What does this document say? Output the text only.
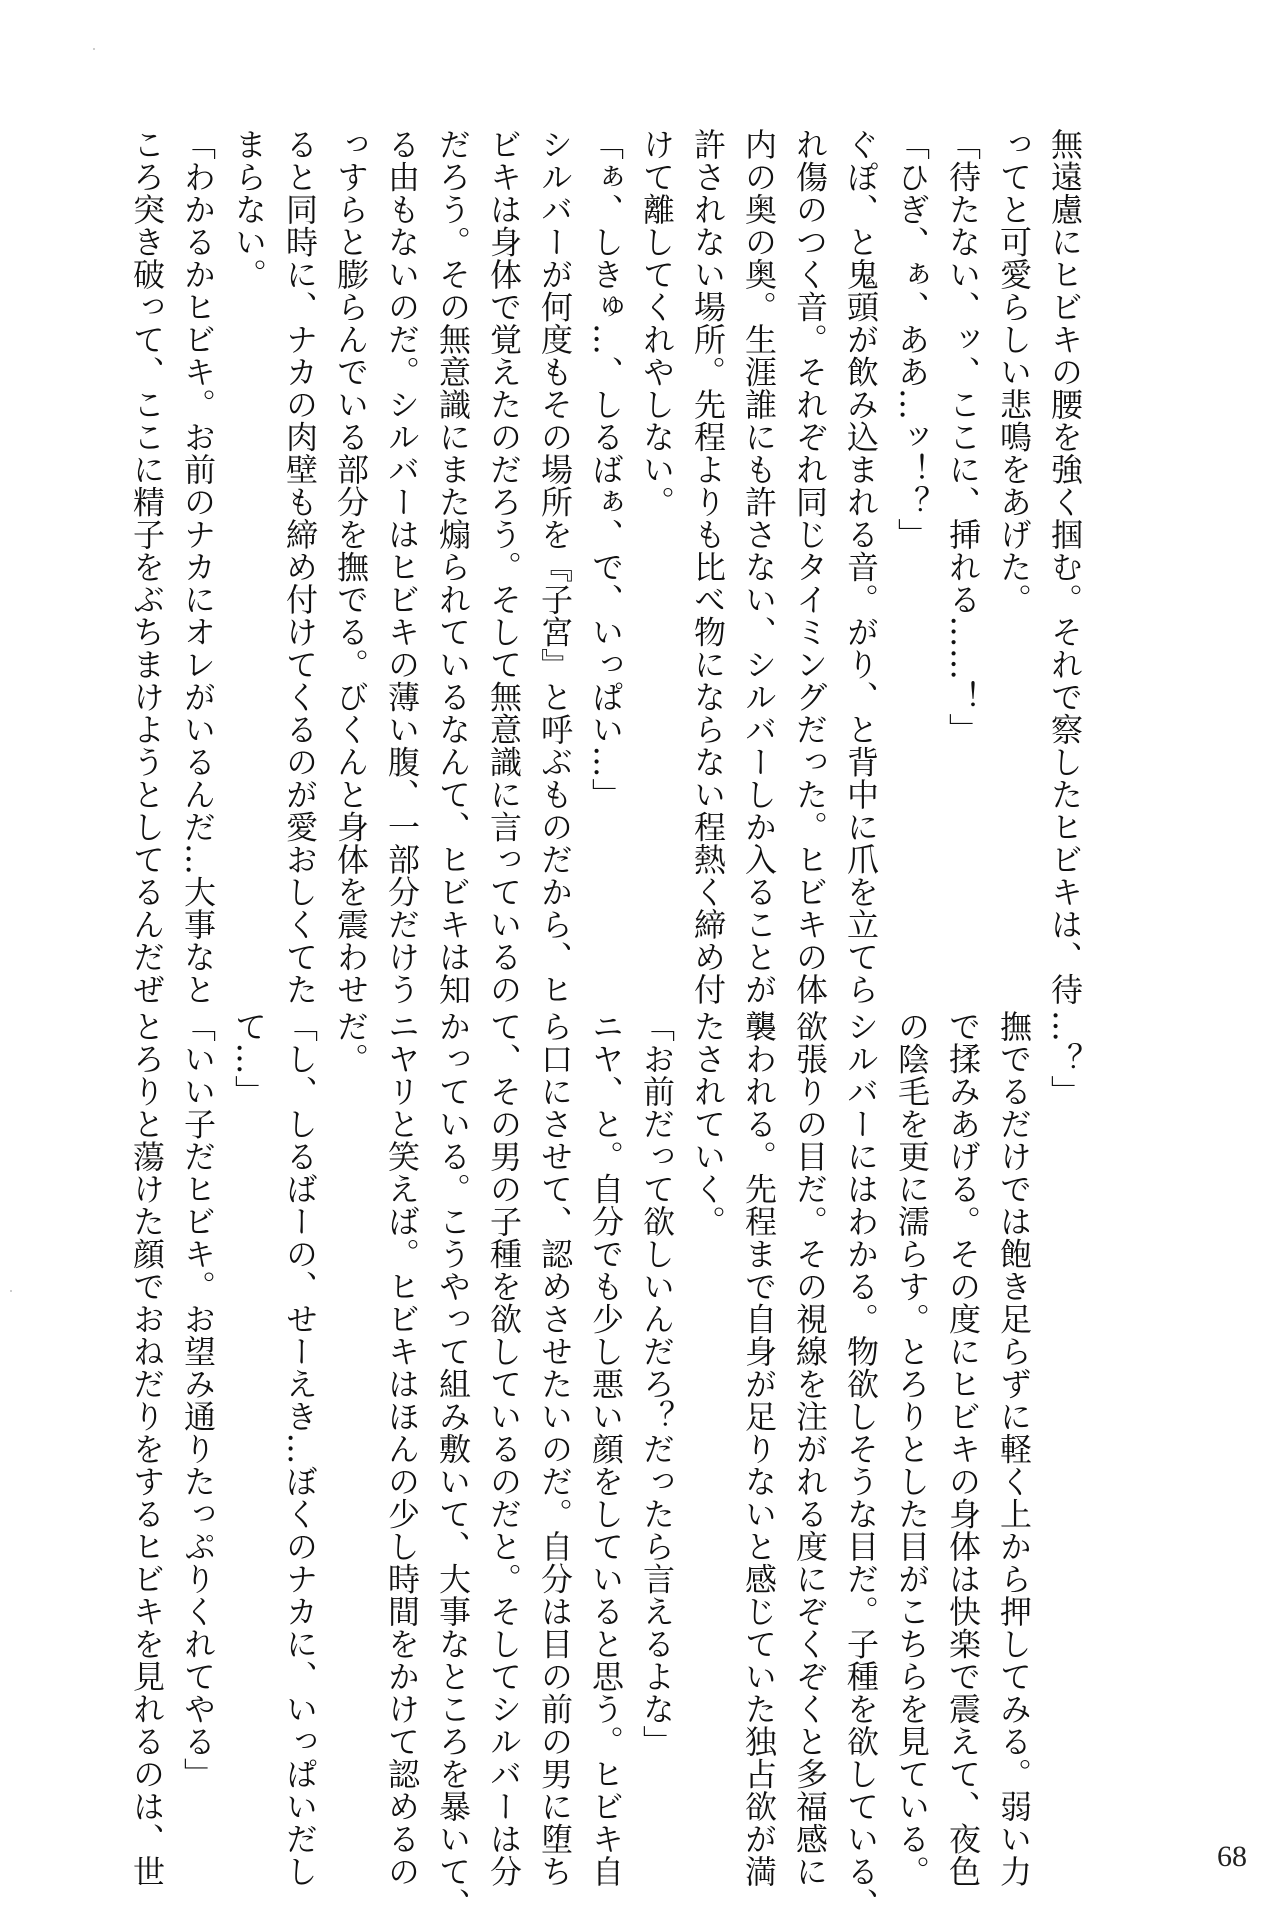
無遠慮にヒビキの腰を強く掴む。それで察したヒビキは、待
ってと可愛らしい悲鳴をあげた。
「待たない、ッ、ここに、挿れる……！」
「ひぎ、ぁ、ああ…ッ！？」
ぐぽ、と鬼頭が飲み込まれる音。がり、と背中に爪を立てら
れ傷のつく音。それぞれ同じタイミングだった。ヒビキの体
内の奥の奥。生涯誰にも許さない、シルバーしか入ることが
許されない場所。先程よりも比べ物にならない程熱く締め付
けて離してくれやしない。
「ぁ、しきゅ…、しるばぁ、で、いっぱい…」
シルバーが何度もその場所を『子宮』と呼ぶものだから、ヒ
ビキは身体で覚えたのだろう。そして無意識に言っているの
だろう。その無意識にまた煽られているなんて、ヒビキは知
る由もないのだ。シルバーはヒビキの薄い腹、一部分だけう
っすらと膨らんでいる部分を撫でる。びくんと身体を震わせ
ると同時に、ナカの肉壁も締め付けてくるのが愛おしくてた
まらない。
「わかるかヒビキ。お前のナカにオレがいるんだ…大事なと
ころ突き破って、ここに精子をぶちまけようとしてるんだぜ
…？」
撫でるだけでは飽き足らずに軽く上から押してみる。弱い力
で揉みあげる。その度にヒビキの身体は快楽で震えて、夜色
の陰毛を更に濡らす。とろりとした目がこちらを見ている。
シルバーにはわかる。物欲しそうな目だ。子種を欲している、
欲張りの目だ。その視線を注がれる度にぞくぞくと多福感に
襲われる。先程まで自身が足りないと感じていた独占欲が満
たされていく。
「お前だって欲しいんだろ？だったら言えるよな」
ニヤ、と。自分でも少し悪い顔をしていると思う。ヒビキ自
ら口にさせて、認めさせたいのだ。自分は目の前の男に堕ち
て、その男の子種を欲しているのだと。そしてシルバーは分
かっている。こうやって組み敷いて、大事なところを暴いて、
ニヤリと笑えば。ヒビキはほんの少し時間をかけて認めるの
だ。
「し、しるばーの、せーえき…ぼくのナカに、いっぱいだし
て…」
「いい子だヒビキ。お望み通りたっぷりくれてやる」
とろりと蕩けた顔でおねだりをするヒビキを見れるのは、世	68
